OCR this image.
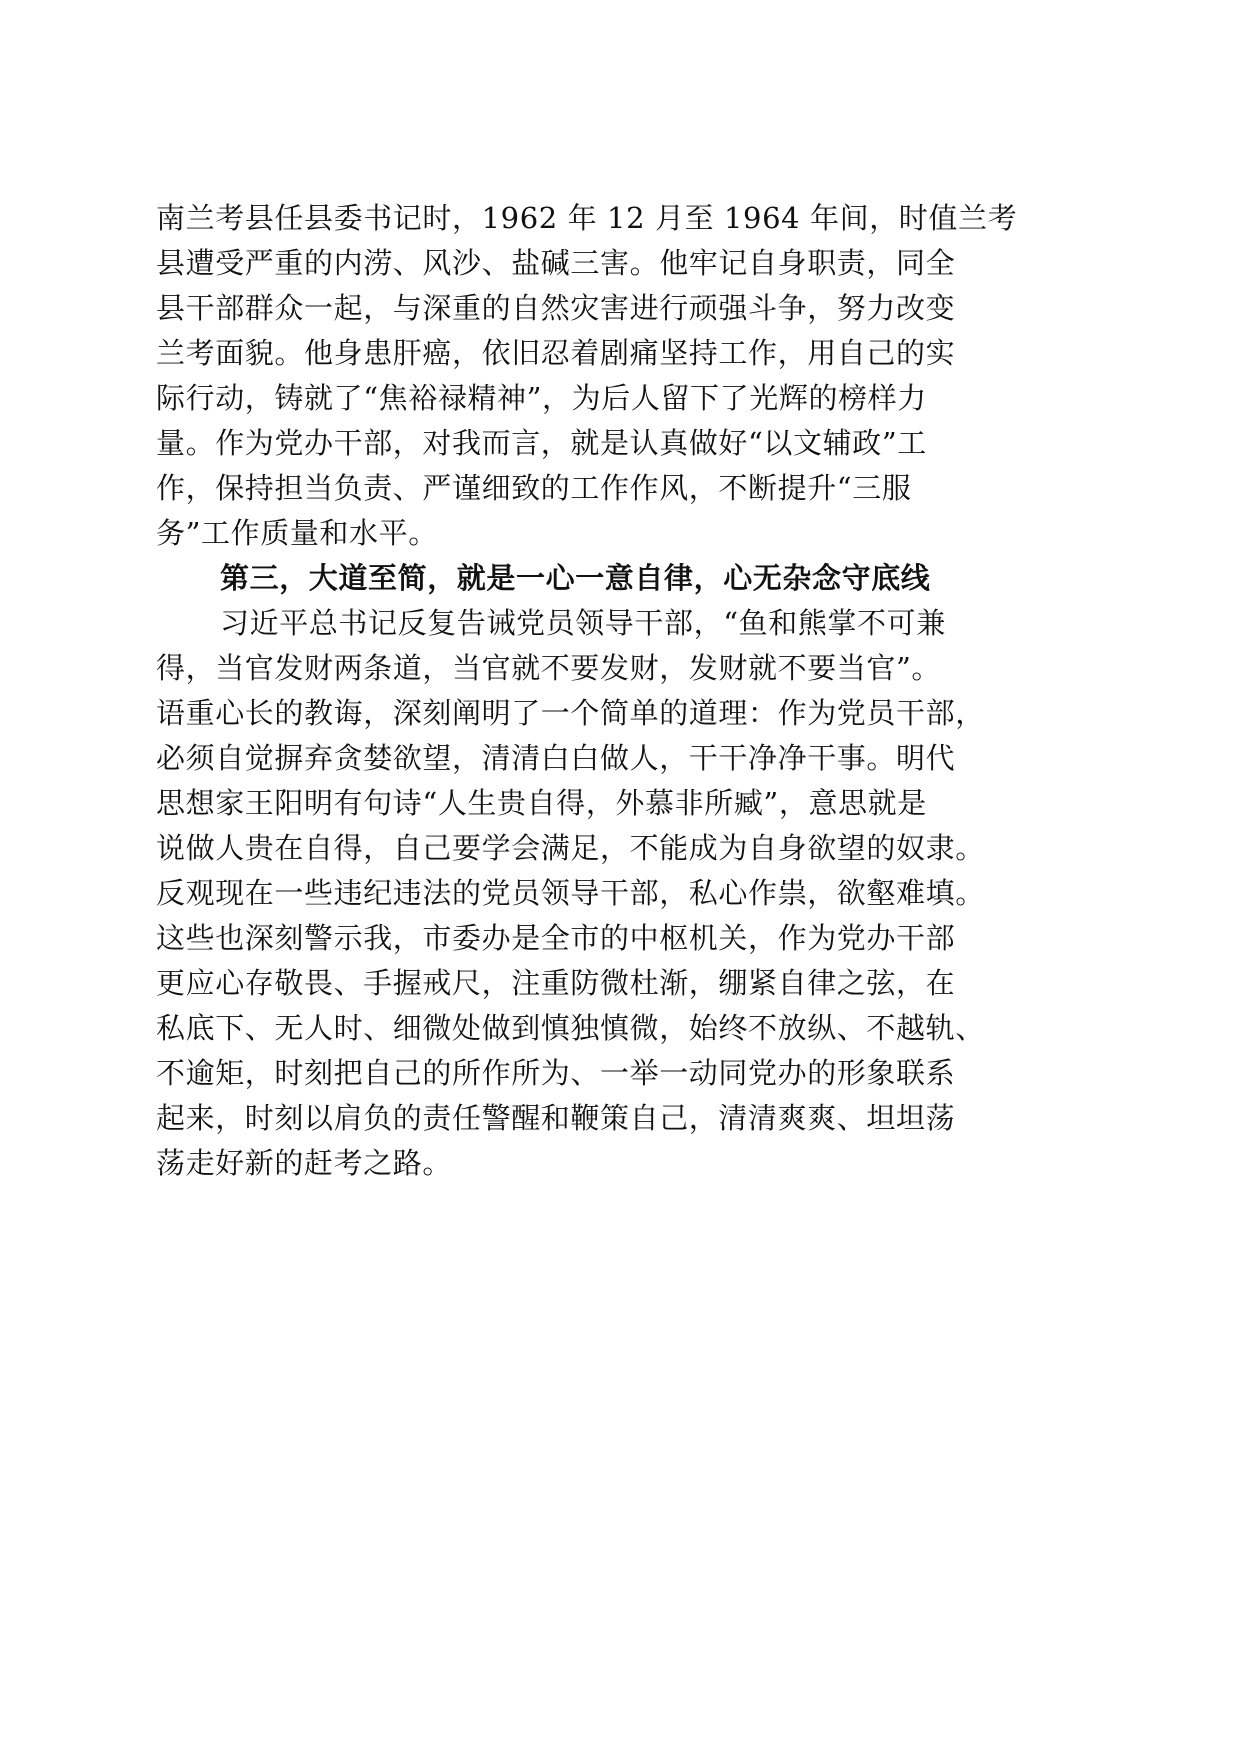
南兰考县任县委书记时，1962 年 12 月至 1964 年间，时值兰考
县遭受严重的内涝、风沙、盐碱三害。他牢记自身职责，同全
县干部群众一起，与深重的自然灾害进行顽强斗争，努力改变
兰考面貌。他身患肝癌，依旧忍着剧痛坚持工作，用自己的实
际行动，铸就了“焦裕禄精神”，为后人留下了光辉的榜样力
量。作为党办干部，对我而言，就是认真做好“以文辅政”工
作，保持担当负责、严谨细致的工作作风，不断提升“三服
务”工作质量和水平。
第三，大道至简，就是一心一意自律，心无杂念守底线
习近平总书记反复告诫党员领导干部，“鱼和熊掌不可兼
得，当官发财两条道，当官就不要发财，发财就不要当官”。
语重心长的教诲，深刻阐明了一个简单的道理：作为党员干部，
必须自觉摒弃贪婪欲望，清清白白做人，干干净净干事。明代
思想家王阳明有句诗“人生贵自得，外慕非所臧”，意思就是
说做人贵在自得，自己要学会满足，不能成为自身欲望的奴隶。
反观现在一些违纪违法的党员领导干部，私心作祟，欲壑难填。
这些也深刻警示我，市委办是全市的中枢机关，作为党办干部
更应心存敬畏、手握戒尺，注重防微杜渐，绷紧自律之弦，在
私底下、无人时、细微处做到慎独慎微，始终不放纵、不越轨、
不逾矩，时刻把自己的所作所为、一举一动同党办的形象联系
起来，时刻以肩负的责任警醒和鞭策自己，清清爽爽、坦坦荡
荡走好新的赶考之路。
